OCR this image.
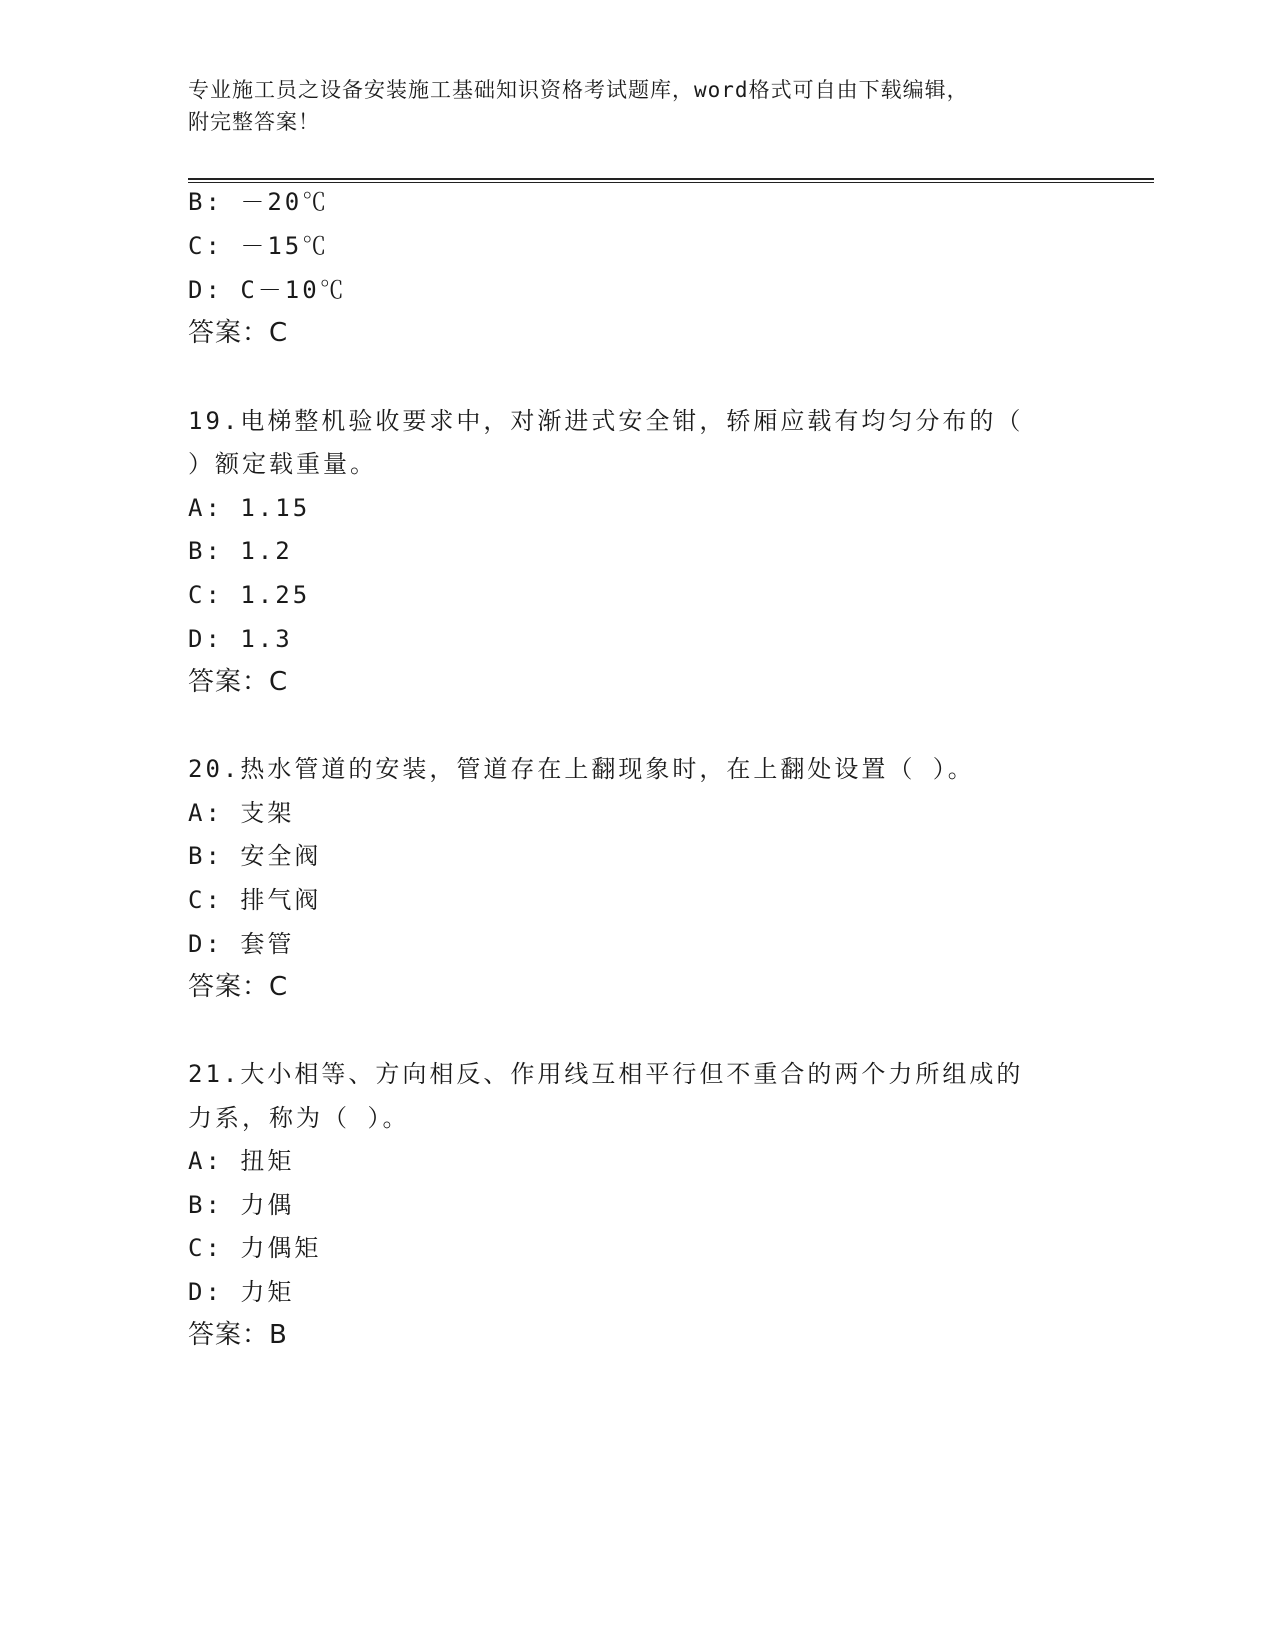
专业施工员之设备安装施工基础知识资格考试题库，word格式可自由下载编辑，
附完整答案！
B: －20℃
C: －15℃
D: C－10℃
答案：C
19.电梯整机验收要求中，对渐进式安全钳，轿厢应载有均匀分布的（
）额定载重量。
A: 1.15
B: 1.2
C: 1.25
D: 1.3
答案：C
20.热水管道的安装，管道存在上翻现象时，在上翻处设置（ ）。
A: 支架
B: 安全阀
C: 排气阀
D: 套管
答案：C
21.大小相等、方向相反、作用线互相平行但不重合的两个力所组成的
力系，称为（ ）。
A: 扭矩
B: 力偶
C: 力偶矩
D: 力矩
答案：B
